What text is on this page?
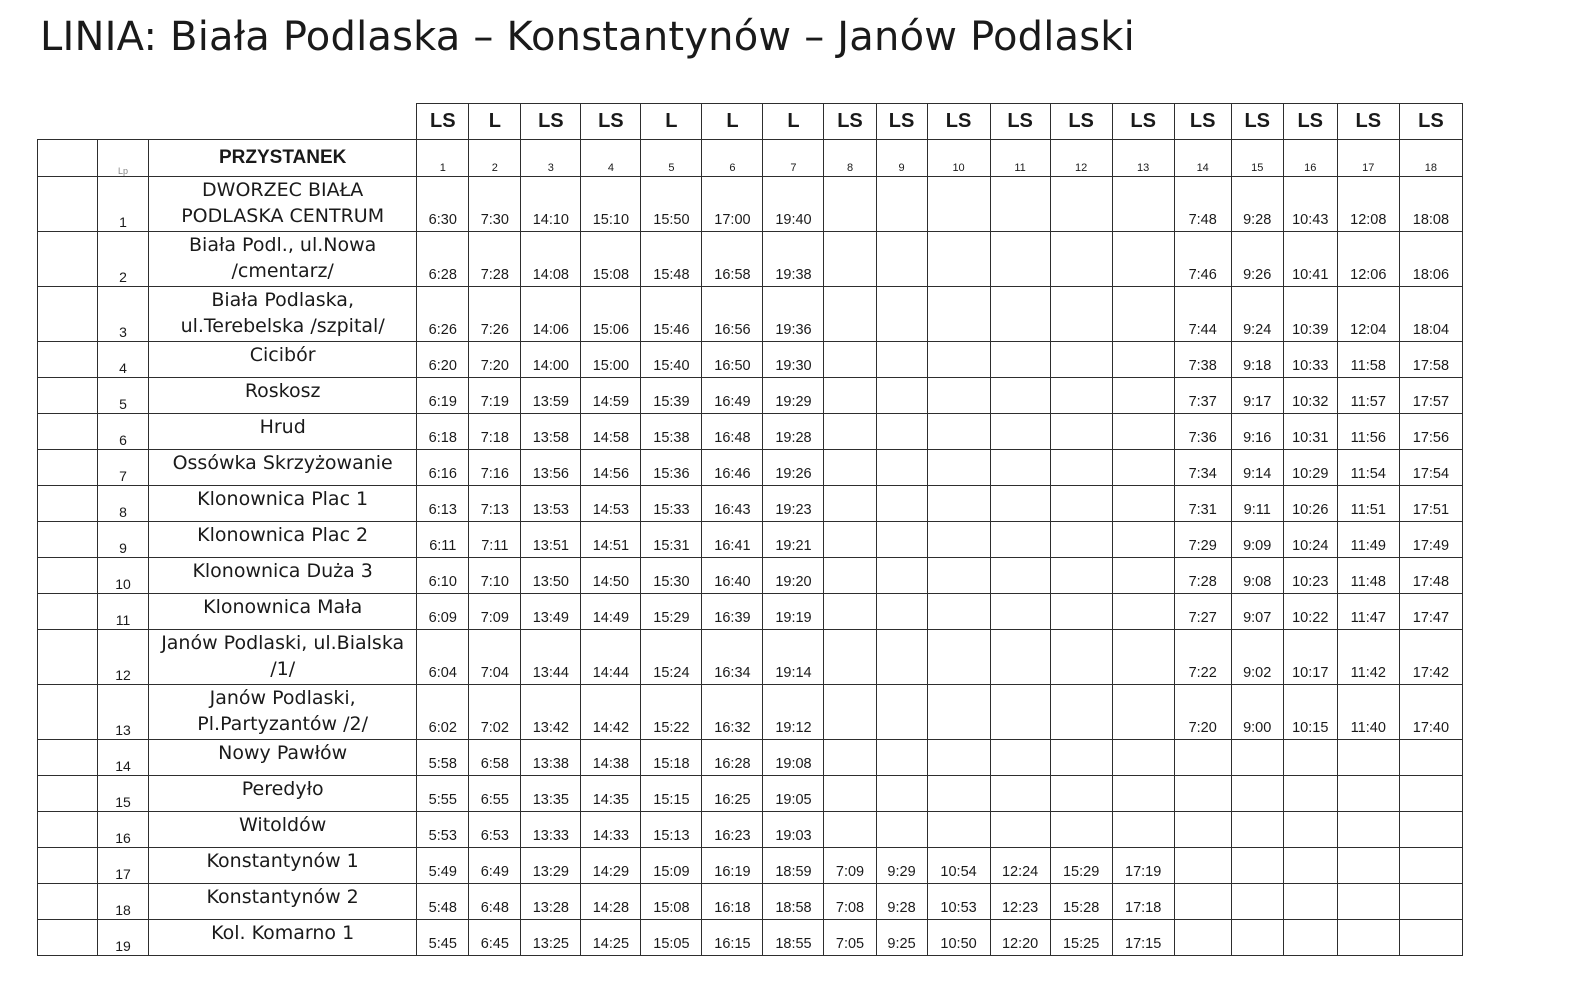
LINIA: Biała Podlaska – Konstantynów – Janów Podlaski
			LS	L	LS	LS	L	L	L	LS	LS	LS	LS	LS	LS	LS	LS	LS	LS	LS
	Lp	PRZYSTANEK	1	2	3	4	5	6	7	8	9	10	11	12	13	14	15	16	17	18
	1	DWORZEC BIAŁA PODLASKA CENTRUM	6:30	7:30	14:10	15:10	15:50	17:00	19:40							7:48	9:28	10:43	12:08	18:08
	2	Biała Podl., ul.Nowa /cmentarz/	6:28	7:28	14:08	15:08	15:48	16:58	19:38							7:46	9:26	10:41	12:06	18:06
	3	Biała Podlaska, ul.Terebelska /szpital/	6:26	7:26	14:06	15:06	15:46	16:56	19:36							7:44	9:24	10:39	12:04	18:04
	4	Cicibór	6:20	7:20	14:00	15:00	15:40	16:50	19:30							7:38	9:18	10:33	11:58	17:58
	5	Roskosz	6:19	7:19	13:59	14:59	15:39	16:49	19:29							7:37	9:17	10:32	11:57	17:57
	6	Hrud	6:18	7:18	13:58	14:58	15:38	16:48	19:28							7:36	9:16	10:31	11:56	17:56
	7	Ossówka Skrzyżowanie	6:16	7:16	13:56	14:56	15:36	16:46	19:26							7:34	9:14	10:29	11:54	17:54
	8	Klonownica Plac 1	6:13	7:13	13:53	14:53	15:33	16:43	19:23							7:31	9:11	10:26	11:51	17:51
	9	Klonownica Plac 2	6:11	7:11	13:51	14:51	15:31	16:41	19:21							7:29	9:09	10:24	11:49	17:49
	10	Klonownica Duża 3	6:10	7:10	13:50	14:50	15:30	16:40	19:20							7:28	9:08	10:23	11:48	17:48
	11	Klonownica Mała	6:09	7:09	13:49	14:49	15:29	16:39	19:19							7:27	9:07	10:22	11:47	17:47
	12	Janów Podlaski, ul.Bialska /1/	6:04	7:04	13:44	14:44	15:24	16:34	19:14							7:22	9:02	10:17	11:42	17:42
	13	Janów Podlaski, Pl.Partyzantów /2/	6:02	7:02	13:42	14:42	15:22	16:32	19:12							7:20	9:00	10:15	11:40	17:40
	14	Nowy Pawłów	5:58	6:58	13:38	14:38	15:18	16:28	19:08											
	15	Peredyło	5:55	6:55	13:35	14:35	15:15	16:25	19:05											
	16	Witoldów	5:53	6:53	13:33	14:33	15:13	16:23	19:03											
	17	Konstantynów 1	5:49	6:49	13:29	14:29	15:09	16:19	18:59	7:09	9:29	10:54	12:24	15:29	17:19					
	18	Konstantynów 2	5:48	6:48	13:28	14:28	15:08	16:18	18:58	7:08	9:28	10:53	12:23	15:28	17:18					
	19	Kol. Komarno 1	5:45	6:45	13:25	14:25	15:05	16:15	18:55	7:05	9:25	10:50	12:20	15:25	17:15					
